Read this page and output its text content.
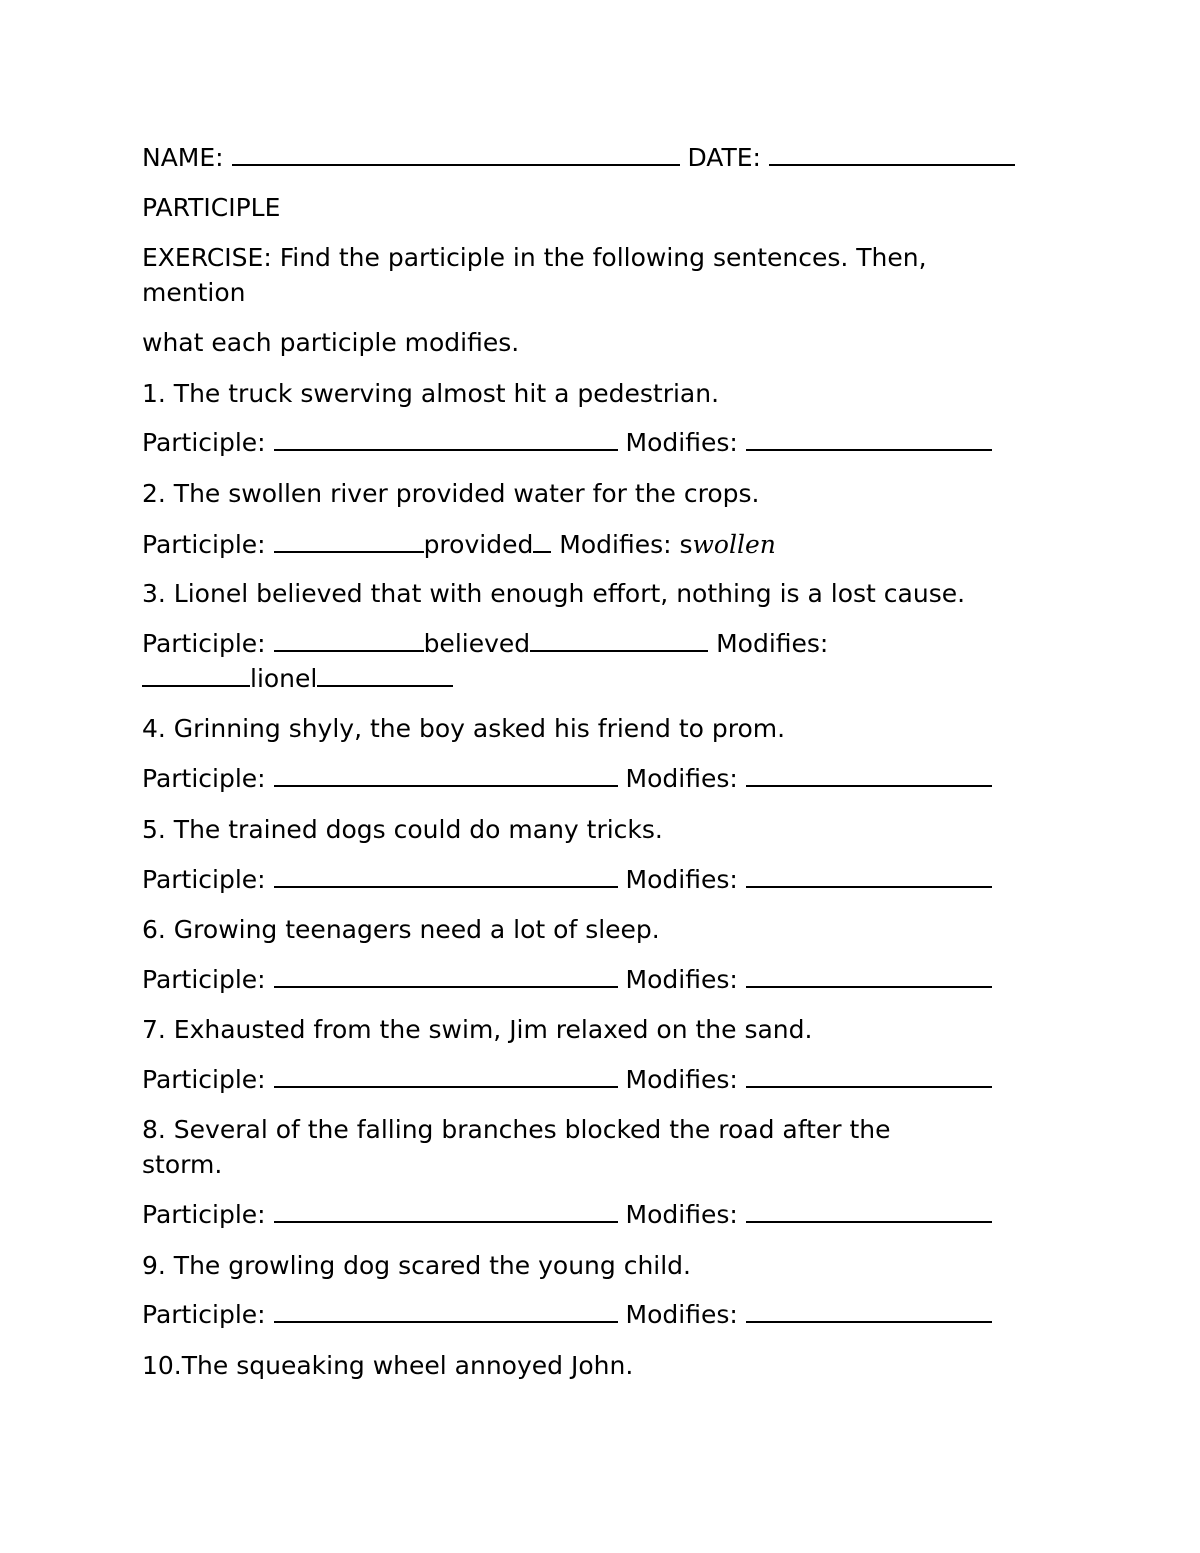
NAME:	DATE:
PARTICIPLE
EXERCISE: Find the participle in the following sentences. Then,
mention
what each participle modifies.
1. The truck swerving almost hit a pedestrian.
Participle:	Modifies:
2. The swollen river provided water for the crops.
Participle:	provided Modifies: swollen
3. Lionel believed that with enough effort, nothing is a lost cause.
Participle:	believed	Modifies:
lionel
4. Grinning shyly, the boy asked his friend to prom.
Participle:	Modifies:
5. The trained dogs could do many tricks.
Participle:	Modifies:
6. Growing teenagers need a lot of sleep.
Participle:	Modifies:
7. Exhausted from the swim, Jim relaxed on the sand.
Participle:	Modifies:
8. Several of the falling branches blocked the road after the
storm.
Participle:	Modifies:
9. The growling dog scared the young child.
Participle:	Modifies:
10.The squeaking wheel annoyed John.
